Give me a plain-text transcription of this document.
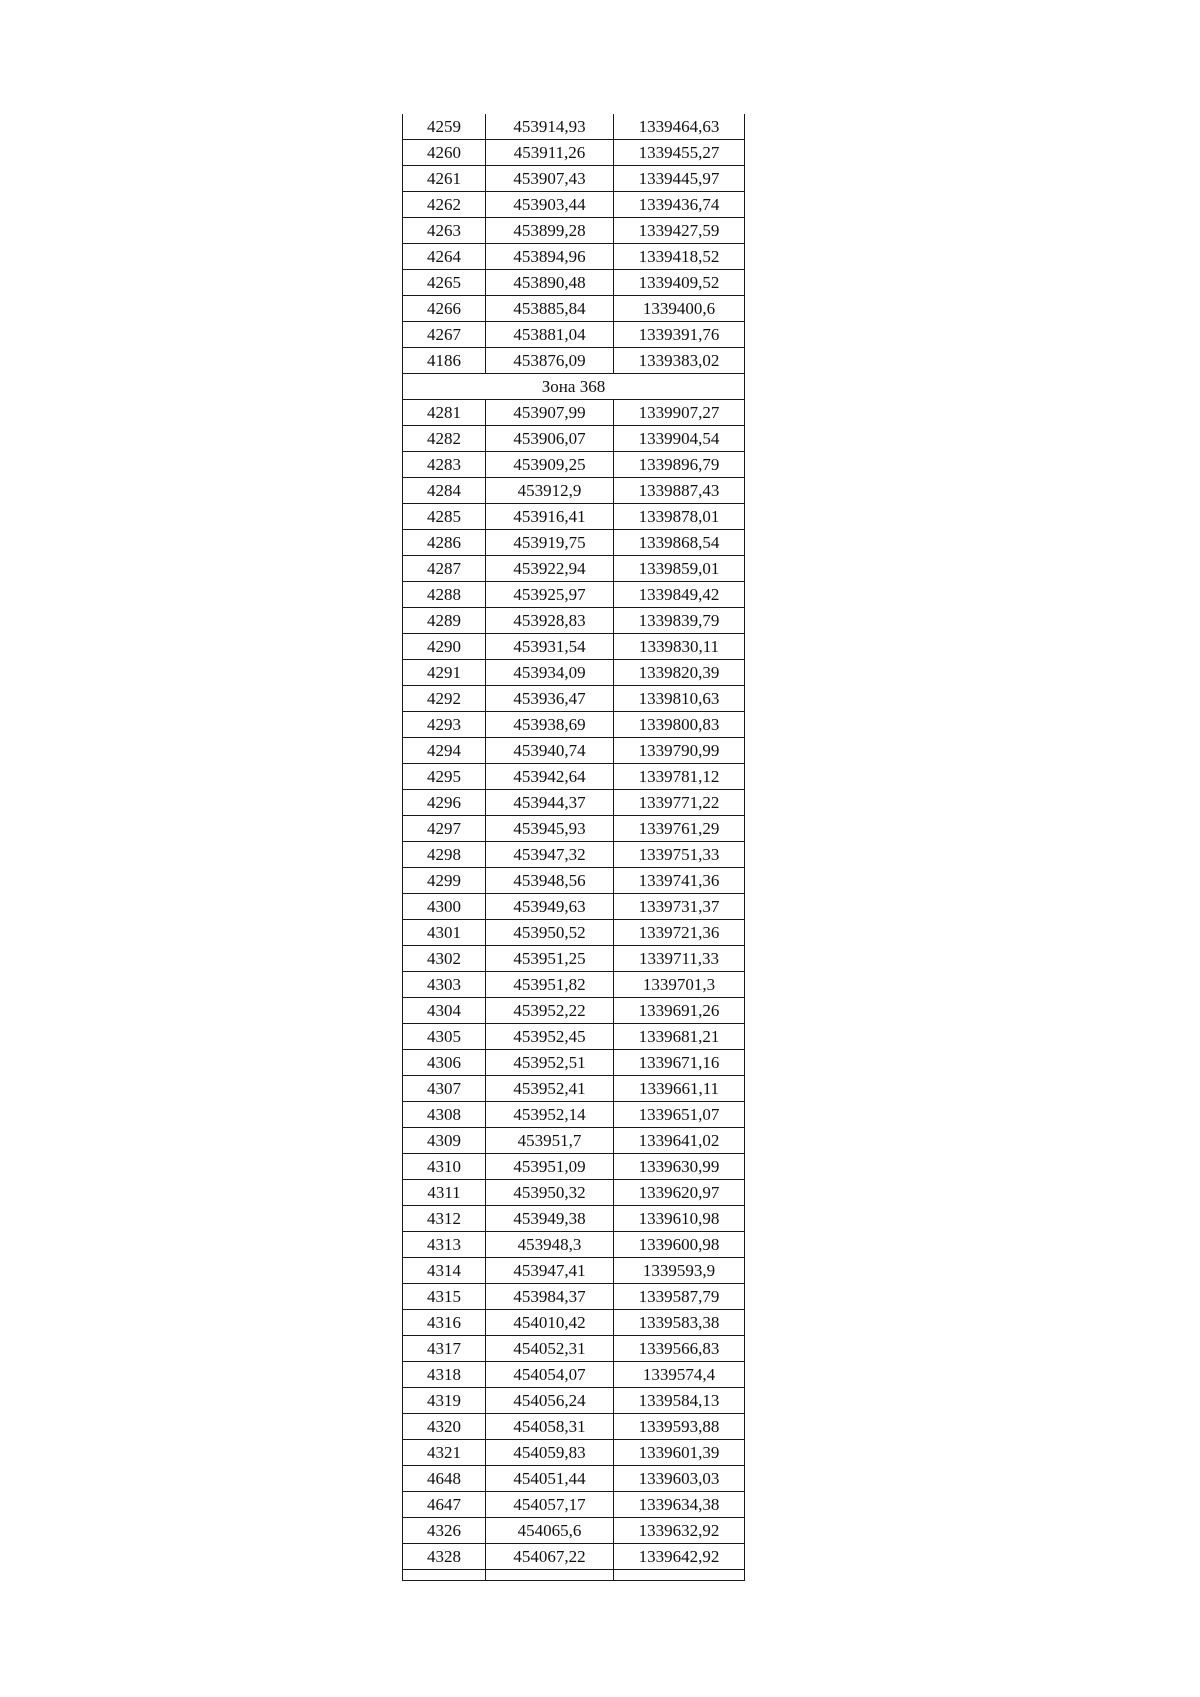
4259	453914,93	1339464,63
4260	453911,26	1339455,27
4261	453907,43	1339445,97
4262	453903,44	1339436,74
4263	453899,28	1339427,59
4264	453894,96	1339418,52
4265	453890,48	1339409,52
4266	453885,84	1339400,6
4267	453881,04	1339391,76
4186	453876,09	1339383,02
Зона 368		
4281	453907,99	1339907,27
4282	453906,07	1339904,54
4283	453909,25	1339896,79
4284	453912,9	1339887,43
4285	453916,41	1339878,01
4286	453919,75	1339868,54
4287	453922,94	1339859,01
4288	453925,97	1339849,42
4289	453928,83	1339839,79
4290	453931,54	1339830,11
4291	453934,09	1339820,39
4292	453936,47	1339810,63
4293	453938,69	1339800,83
4294	453940,74	1339790,99
4295	453942,64	1339781,12
4296	453944,37	1339771,22
4297	453945,93	1339761,29
4298	453947,32	1339751,33
4299	453948,56	1339741,36
4300	453949,63	1339731,37
4301	453950,52	1339721,36
4302	453951,25	1339711,33
4303	453951,82	1339701,3
4304	453952,22	1339691,26
4305	453952,45	1339681,21
4306	453952,51	1339671,16
4307	453952,41	1339661,11
4308	453952,14	1339651,07
4309	453951,7	1339641,02
4310	453951,09	1339630,99
4311	453950,32	1339620,97
4312	453949,38	1339610,98
4313	453948,3	1339600,98
4314	453947,41	1339593,9
4315	453984,37	1339587,79
4316	454010,42	1339583,38
4317	454052,31	1339566,83
4318	454054,07	1339574,4
4319	454056,24	1339584,13
4320	454058,31	1339593,88
4321	454059,83	1339601,39
4648	454051,44	1339603,03
4647	454057,17	1339634,38
4326	454065,6	1339632,92
4328	454067,22	1339642,92
